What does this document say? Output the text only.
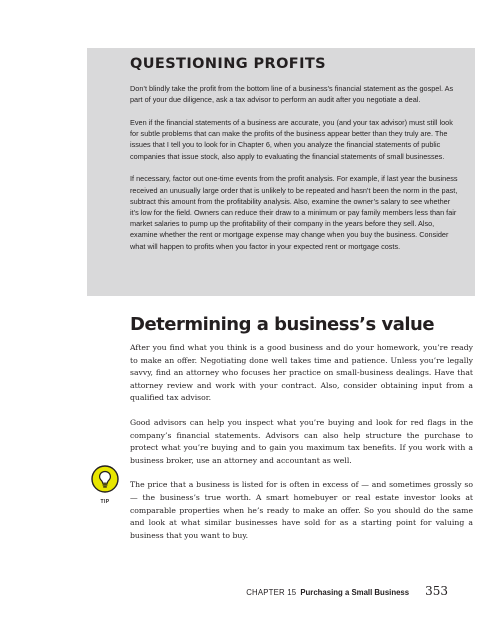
QUESTIONING PROFITS

Don’t blindly take the profit from the bottom line of a business’s financial statement as the gospel. As part of your due diligence, ask a tax advisor to perform an audit after you negotiate a deal.

Even if the financial statements of a business are accurate, you (and your tax advisor) must still look for subtle problems that can make the profits of the business appear better than they truly are. The issues that I tell you to look for in Chapter 6, when you analyze the financial statements of public companies that issue stock, also apply to evaluating the financial statements of small businesses.

If necessary, factor out one-time events from the profit analysis. For example, if last year the business received an unusually large order that is unlikely to be repeated and hasn’t been the norm in the past, subtract this amount from the profitability analysis. Also, examine the owner’s salary to see whether it’s low for the field. Owners can reduce their draw to a minimum or pay family members less than fair market salaries to pump up the profitability of their company in the years before they sell. Also, examine whether the rent or mortgage expense may change when you buy the business. Consider what will happen to profits when you factor in your expected rent or mortgage costs.

Determining a business’s value

After you find what you think is a good business and do your homework, you’re ready to make an offer. Negotiating done well takes time and patience. Unless you’re legally savvy, find an attorney who focuses her practice on small-business dealings. Have that attorney review and work with your contract. Also, consider obtaining input from a qualified tax advisor.

Good advisors can help you inspect what you’re buying and look for red flags in the company’s financial statements. Advisors can also help structure the purchase to protect what you’re buying and to gain you maximum tax benefits. If you work with a business broker, use an attorney and accountant as well.

The price that a business is listed for is often in excess of — and sometimes grossly so — the business’s true worth. A smart homebuyer or real estate investor looks at comparable properties when he’s ready to make an offer. So you should do the same and look at what similar businesses have sold for as a starting point for valuing a business that you want to buy.

TIP
CHAPTER 15 Purchasing a Small Business 353
